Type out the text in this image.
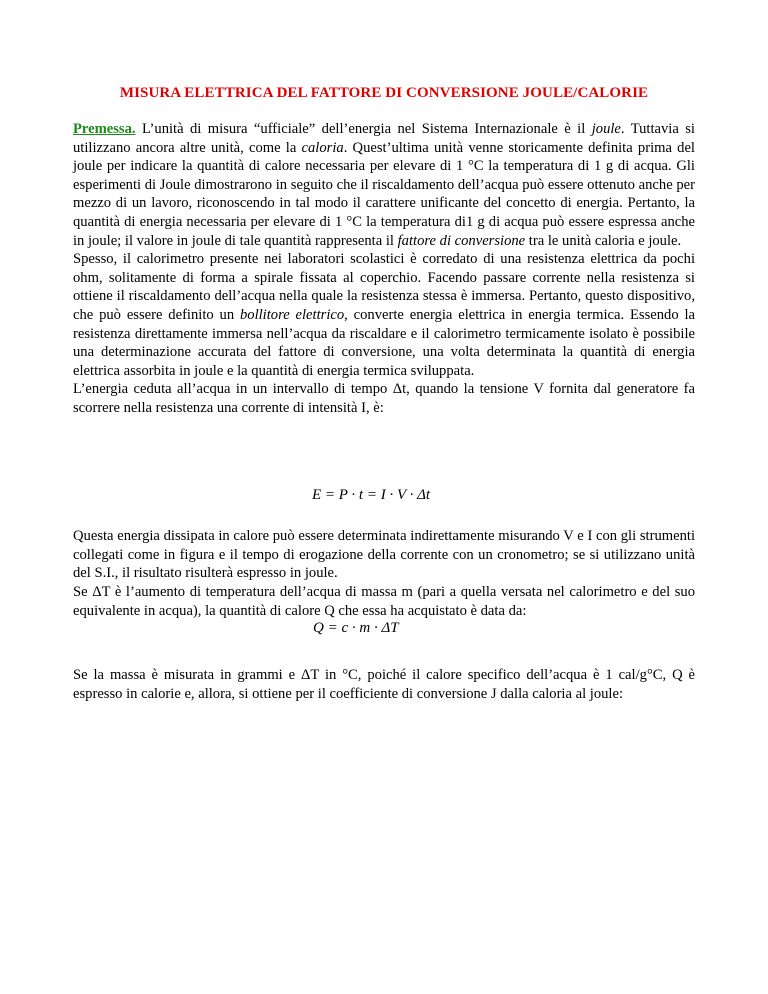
MISURA ELETTRICA DEL FATTORE DI CONVERSIONE JOULE/CALORIE

Premessa. L’unità di misura “ufficiale” dell’energia nel Sistema Internazionale è il joule. Tuttavia si utilizzano ancora altre unità, come la caloria. Quest’ultima unità venne storicamente definita prima del joule per indicare la quantità di calore necessaria per elevare di 1 °C la temperatura di 1 g di acqua. Gli esperimenti di Joule dimostrarono in seguito che il riscaldamento dell’acqua può essere ottenuto anche per mezzo di un lavoro, riconoscendo in tal modo il carattere unificante del concetto di energia. Pertanto, la quantità di energia necessaria per elevare di 1 °C la temperatura di1 g di acqua può essere espressa anche in joule; il valore in joule di tale quantità rappresenta il fattore di conversione tra le unità caloria e joule.

Spesso, il calorimetro presente nei laboratori scolastici è corredato di una resistenza elettrica da pochi ohm, solitamente di forma a spirale fissata al coperchio. Facendo passare corrente nella resistenza si ottiene il riscaldamento dell’acqua nella quale la resistenza stessa è immersa. Pertanto, questo dispositivo, che può essere definito un bollitore elettrico, converte energia elettrica in energia termica. Essendo la resistenza direttamente immersa nell’acqua da riscaldare e il calorimetro termicamente isolato è possibile una determinazione accurata del fattore di conversione, una volta determinata la quantità di energia elettrica assorbita in joule e la quantità di energia termica sviluppata.

L’energia ceduta all’acqua in un intervallo di tempo Δt, quando la tensione V fornita dal generatore fa scorrere nella resistenza una corrente di intensità I, è:

E = P · t = I · V · Δt
Questa energia dissipata in calore può essere determinata indirettamente misurando V e I con gli strumenti collegati come in figura e il tempo di erogazione della corrente con un cronometro; se si utilizzano unità del S.I., il risultato risulterà espresso in joule.
Se ΔT è l’aumento di temperatura dell’acqua di massa m (pari a quella versata nel calorimetro e del suo equivalente in acqua), la quantità di calore Q che essa ha acquistato è data da:
Q = c · m · ΔT
Se la massa è misurata in grammi e ΔT in °C, poiché il calore specifico dell’acqua è 1 cal/g°C, Q è espresso in calorie e, allora, si ottiene per il coefficiente di conversione J dalla caloria al joule:
